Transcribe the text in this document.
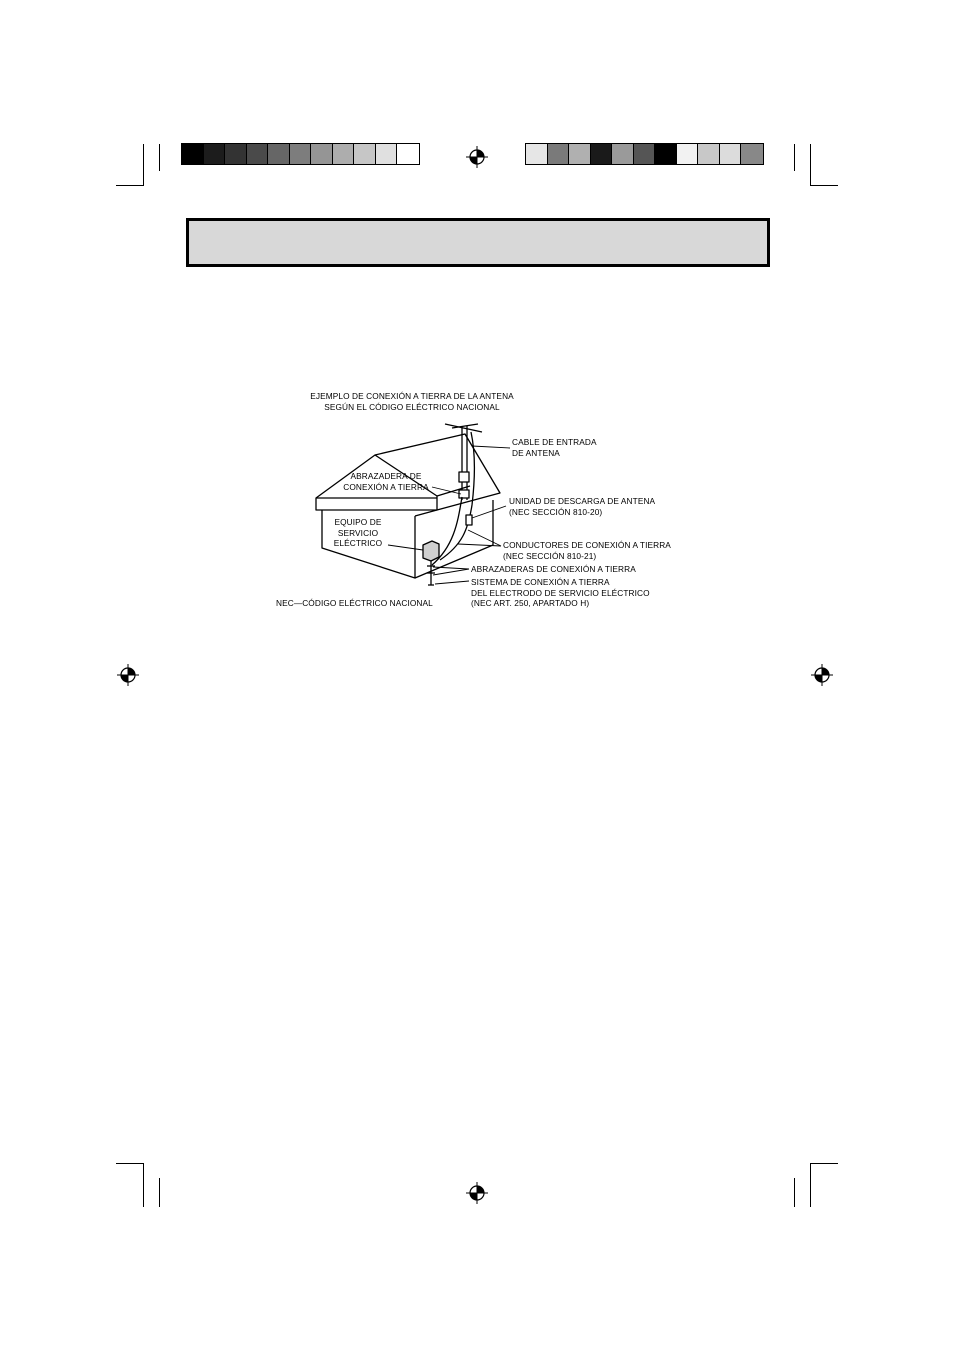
EJEMPLO DE CONEXIÓN A TIERRA DE LA ANTENA
SEGÚN EL CÓDIGO ELÉCTRICO NACIONAL
CABLE DE ENTRADA
DE ANTENA
ABRAZADERA DE
CONEXIÓN A TIERRA
UNIDAD DE DESCARGA DE ANTENA
(NEC SECCIÓN 810-20)
EQUIPO DE
SERVICIO
ELÉCTRICO	CONDUCTORES DE CONEXIÓN A TIERRA
(NEC SECCIÓN 810-21)
ABRAZADERAS DE CONEXIÓN A TIERRA
SISTEMA DE CONEXIÓN A TIERRA
DEL ELECTRODO DE SERVICIO ELÉCTRICO
(NEC ART. 250, APARTADO H)
NEC—CÓDIGO ELÉCTRICO NACIONAL
